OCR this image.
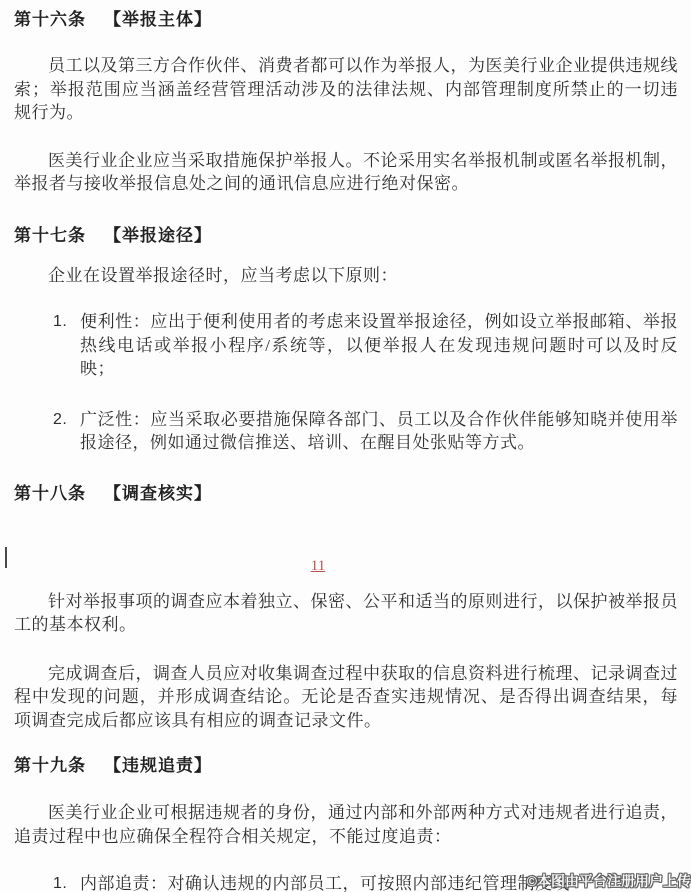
第十六条 【举报主体】

员工以及第三方合作伙伴、消费者都可以作为举报人，为医美行业企业提供违规线索；举报范围应当涵盖经营管理活动涉及的法律法规、内部管理制度所禁止的一切违规行为。

医美行业企业应当采取措施保护举报人。不论采用实名举报机制或匿名举报机制，举报者与接收举报信息处之间的通讯信息应进行绝对保密。

第十七条 【举报途径】

企业在设置举报途径时，应当考虑以下原则：

1. 便利性：应出于便利使用者的考虑来设置举报途径，例如设立举报邮箱、举报热线电话或举报小程序/系统等，以便举报人在发现违规问题时可以及时反映；
2. 广泛性：应当采取必要措施保障各部门、员工以及合作伙伴能够知晓并使用举报途径，例如通过微信推送、培训、在醒目处张贴等方式。
第十八条 【调查核实】
11

针对举报事项的调查应本着独立、保密、公平和适当的原则进行，以保护被举报员工的基本权利。

完成调查后，调查人员应对收集调查过程中获取的信息资料进行梳理、记录调查过程中发现的问题，并形成调查结论。无论是否查实违规情况、是否得出调查结果，每项调查完成后都应该具有相应的调查记录文件。

第十九条 【违规追责】

医美行业企业可根据违规者的身份，通过内部和外部两种方式对违规者进行追责，追责过程中也应确保全程符合相关规定，不能过度追责：

1. 内部追责：对确认违规的内部员工，可按照内部违纪管理制度或
©本图由平台注册用户上传
